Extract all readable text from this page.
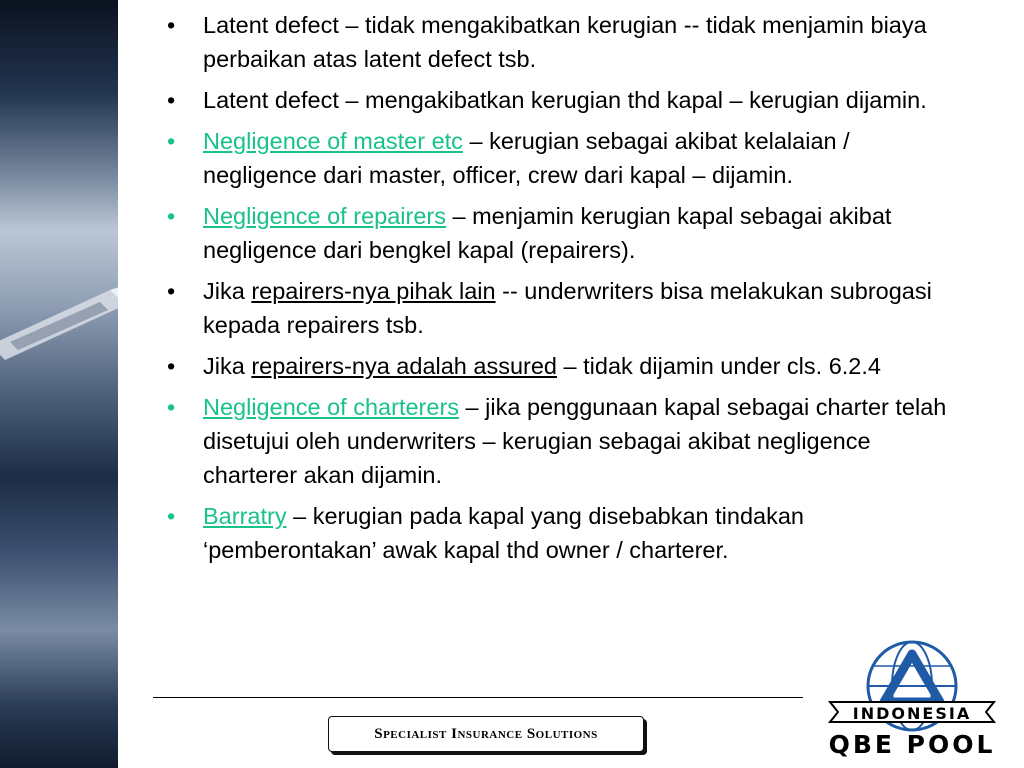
• Latent defect – tidak mengakibatkan kerugian -- tidak menjamin biaya perbaikan atas latent defect tsb.
• Latent defect – mengakibatkan kerugian thd kapal – kerugian dijamin.
• Negligence of master etc – kerugian sebagai akibat kelalaian / negligence dari master, officer, crew dari kapal – dijamin.
• Negligence of repairers – menjamin kerugian kapal sebagai akibat negligence dari bengkel kapal (repairers).
• Jika repairers-nya pihak lain -- underwriters bisa melakukan subrogasi kepada repairers tsb.
• Jika repairers-nya adalah assured – tidak dijamin under cls. 6.2.4
• Negligence of charterers – jika penggunaan kapal sebagai charter telah disetujui oleh underwriters – kerugian sebagai akibat negligence charterer akan dijamin.
• Barratry – kerugian pada kapal yang disebabkan tindakan ‘pemberontakan’ awak kapal thd owner / charterer.
Specialist Insurance Solutions
INDONESIA
QBE POOL
